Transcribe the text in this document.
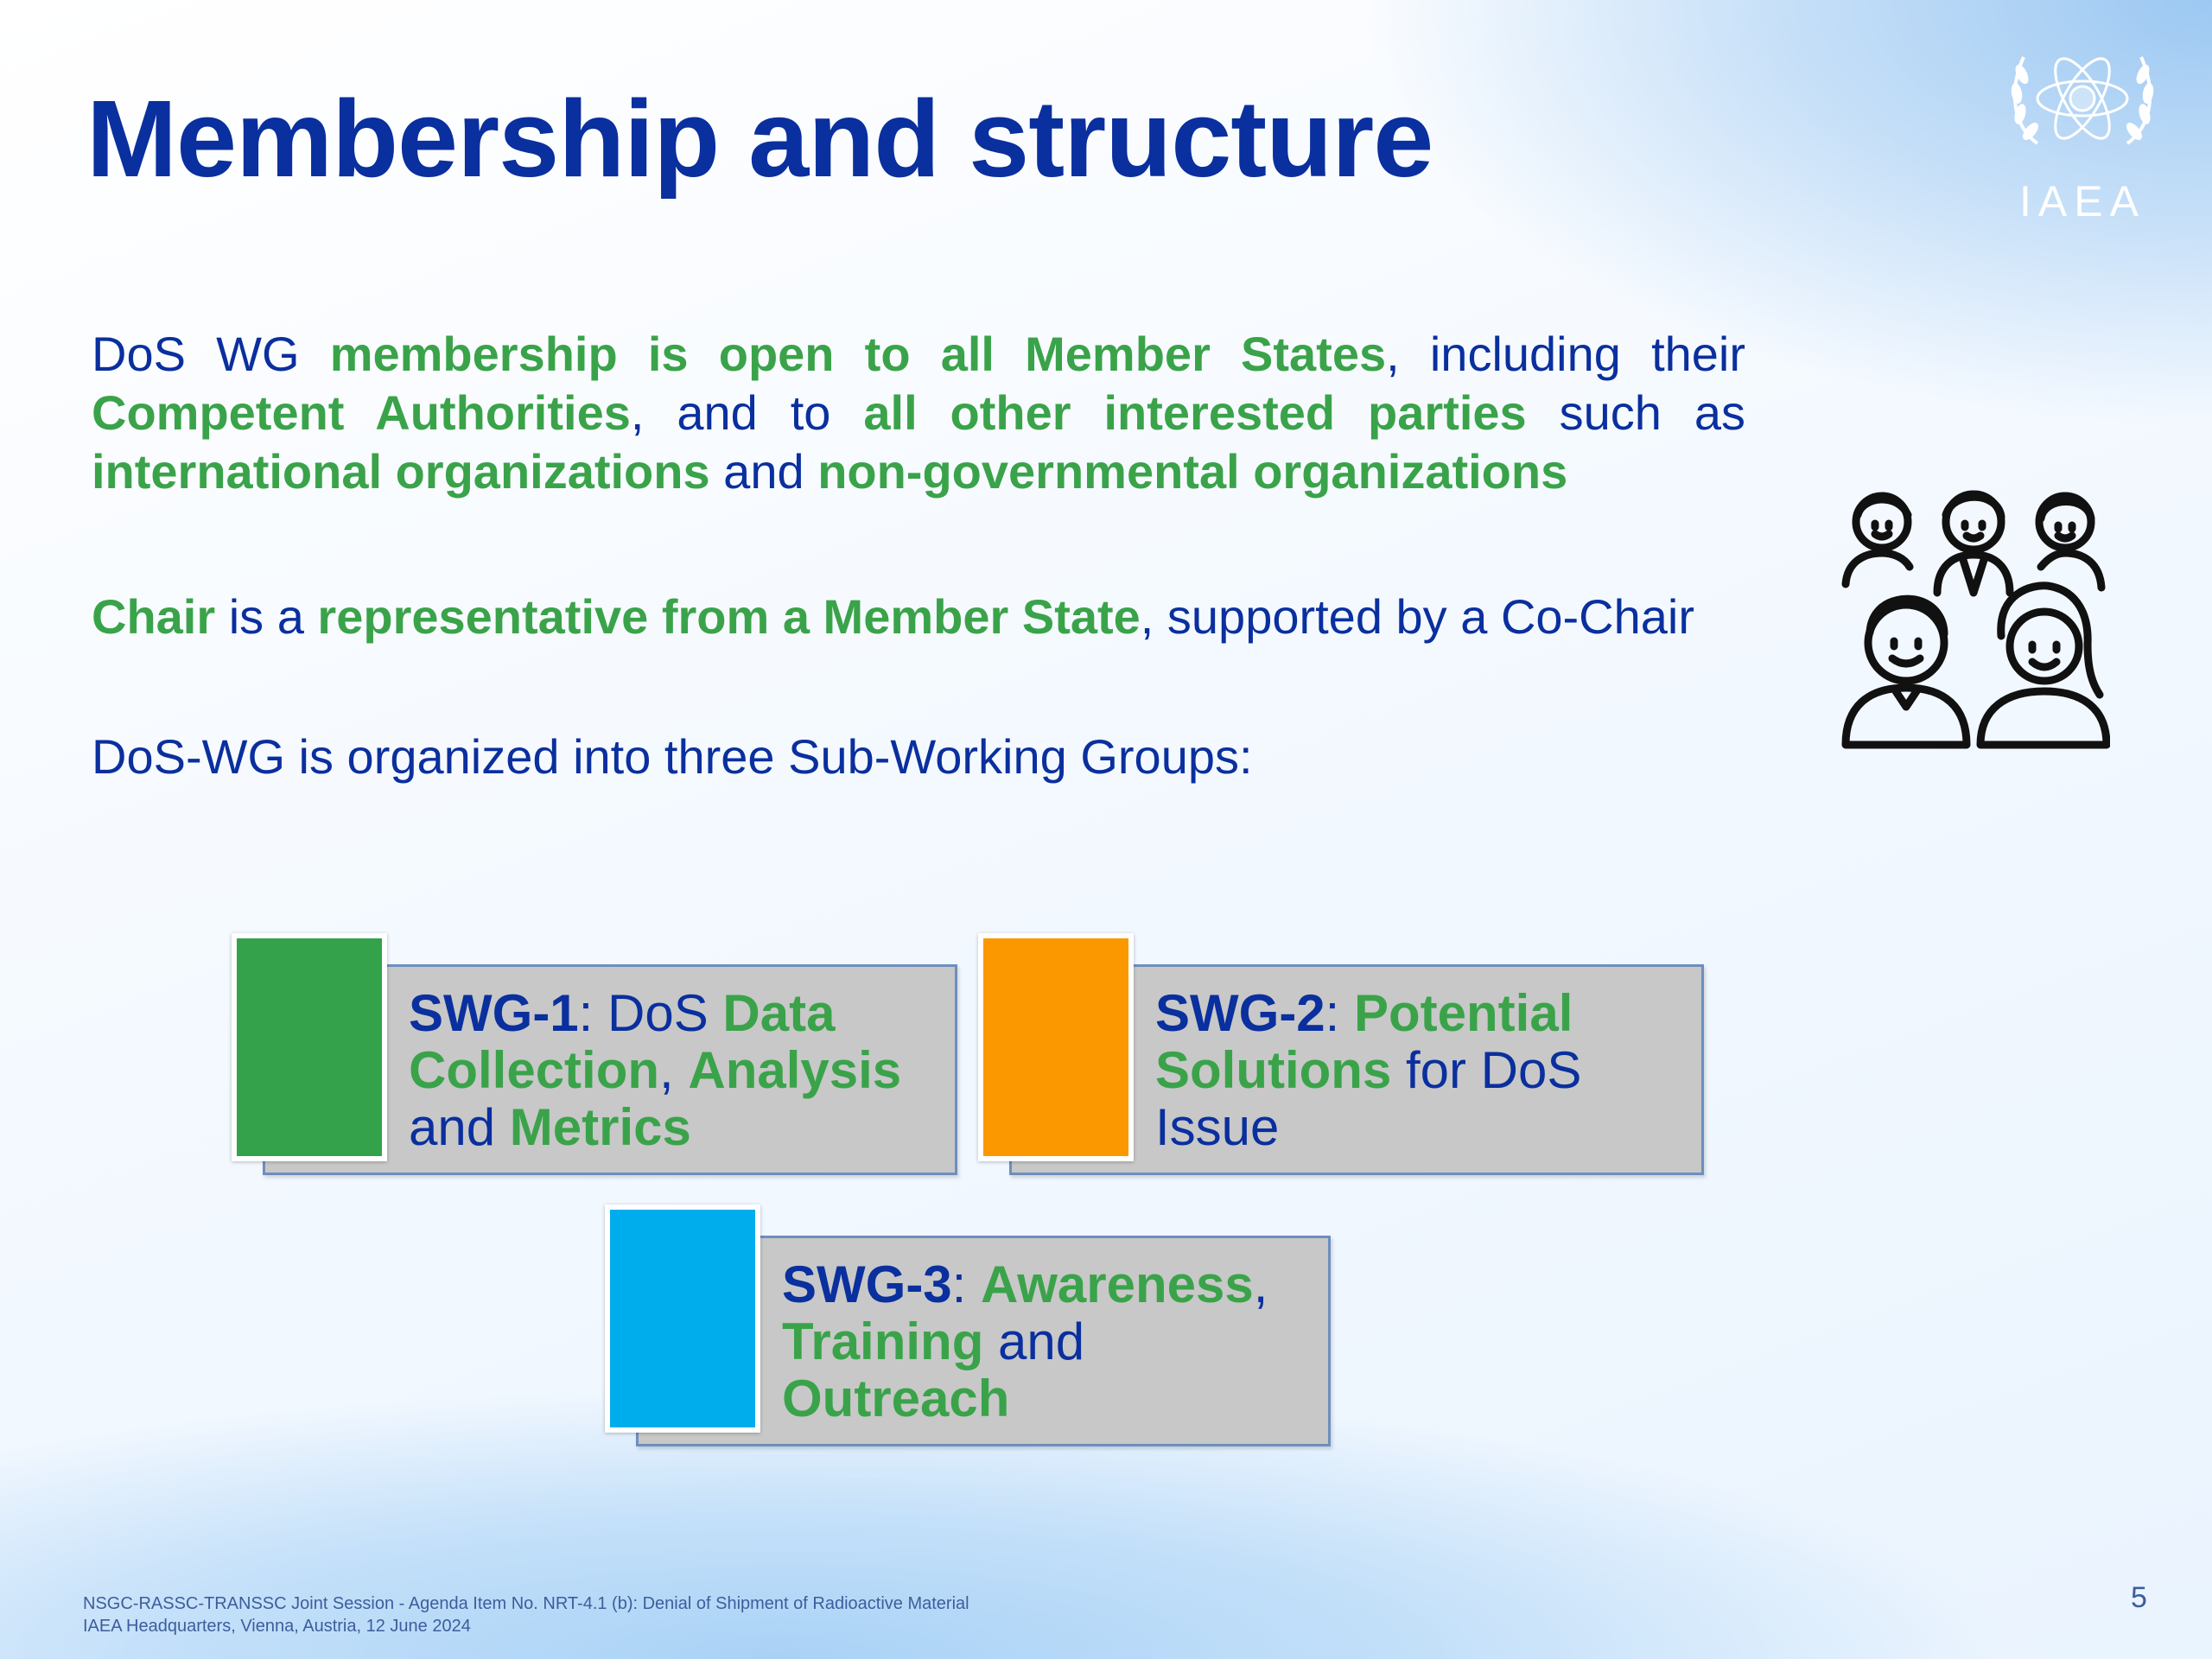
Membership and structure
IAEA

DoS WG membership is open to all Member States, including their Competent Authorities, and to all other interested parties such as international organizations and non-governmental organizations

Chair is a representative from a Member State, supported by a Co-Chair

DoS-WG is organized into three Sub-Working Groups:

SWG-1: DoS Data Collection, Analysis and Metrics
SWG-2: Potential Solutions for DoS Issue
SWG-3: Awareness, Training and Outreach
NSGC-RASSC-TRANSSC Joint Session - Agenda Item No. NRT-4.1 (b): Denial of Shipment of Radioactive Material
IAEA Headquarters, Vienna, Austria, 12 June 2024
5
